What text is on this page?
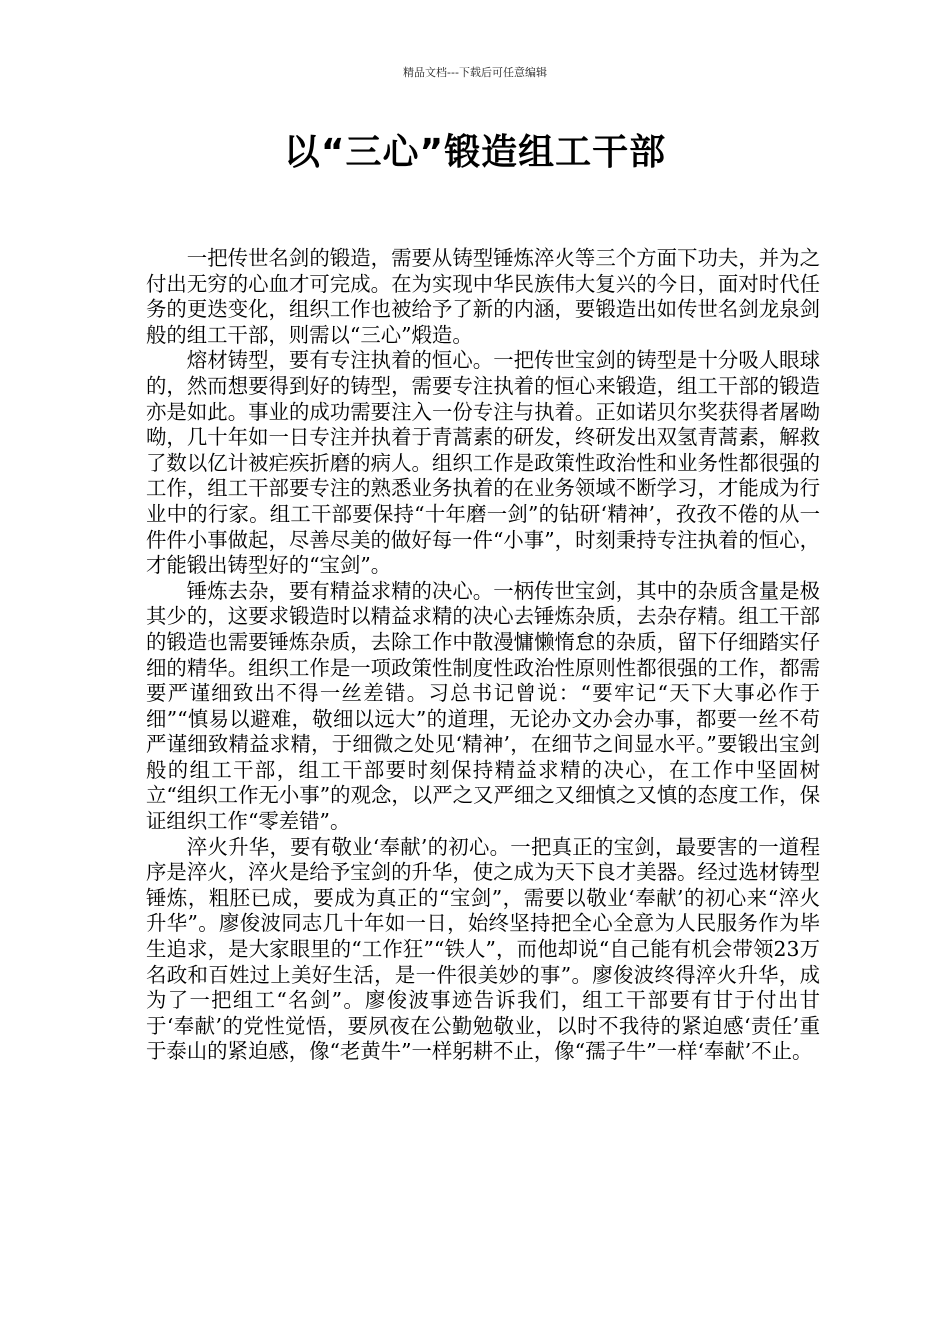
精品文档---下载后可任意编辑
以“三心”锻造组工干部

一把传世名剑的锻造，需要从铸型锤炼淬火等三个方面下功夫，并为之付出无穷的心血才可完成。在为实现中华民族伟大复兴的今日，面对时代任务的更迭变化，组织工作也被给予了新的内涵，要锻造出如传世名剑龙泉剑般的组工干部，则需以“三心”煅造。

熔材铸型，要有专注执着的恒心。一把传世宝剑的铸型是十分吸人眼球的，然而想要得到好的铸型，需要专注执着的恒心来锻造，组工干部的锻造亦是如此。事业的成功需要注入一份专注与执着。正如诺贝尔奖获得者屠呦呦，几十年如一日专注并执着于青蒿素的研发，终研发出双氢青蒿素，解救了数以亿计被疟疾折磨的病人。组织工作是政策性政治性和业务性都很强的工作，组工干部要专注的熟悉业务执着的在业务领域不断学习，才能成为行业中的行家。组工干部要保持“十年磨一剑”的钻研‘精神’，孜孜不倦的从一件件小事做起，尽善尽美的做好每一件“小事”，时刻秉持专注执着的恒心，才能锻出铸型好的“宝剑”。

锤炼去杂，要有精益求精的决心。一柄传世宝剑，其中的杂质含量是极其少的，这要求锻造时以精益求精的决心去锤炼杂质，去杂存精。组工干部的锻造也需要锤炼杂质，去除工作中散漫慵懒惰怠的杂质，留下仔细踏实仔细的精华。组织工作是一项政策性制度性政治性原则性都很强的工作，都需要严谨细致出不得一丝差错。习总书记曾说：“要牢记“天下大事必作于细”“慎易以避难，敬细以远大”的道理，无论办文办会办事，都要一丝不苟严谨细致精益求精，于细微之处见‘精神’，在细节之间显水平。”要锻出宝剑般的组工干部，组工干部要时刻保持精益求精的决心，在工作中坚固树立“组织工作无小事”的观念，以严之又严细之又细慎之又慎的态度工作，保证组织工作“零差错”。

淬火升华，要有敬业‘奉献’的初心。一把真正的宝剑，最要害的一道程序是淬火，淬火是给予宝剑的升华，使之成为天下良才美器。经过选材铸型锤炼，粗胚已成，要成为真正的“宝剑”，需要以敬业‘奉献’的初心来“淬火升华”。廖俊波同志几十年如一日，始终坚持把全心全意为人民服务作为毕生追求，是大家眼里的“工作狂”“铁人”，而他却说“自己能有机会带领23万名政和百姓过上美好生活，是一件很美妙的事”。廖俊波终得淬火升华，成为了一把组工“名剑”。廖俊波事迹告诉我们，组工干部要有甘于付出甘于‘奉献’的党性觉悟，要夙夜在公勤勉敬业，以时不我待的紧迫感‘责任’重于泰山的紧迫感，像“老黄牛”一样躬耕不止，像“孺子牛”一样‘奉献’不止。
